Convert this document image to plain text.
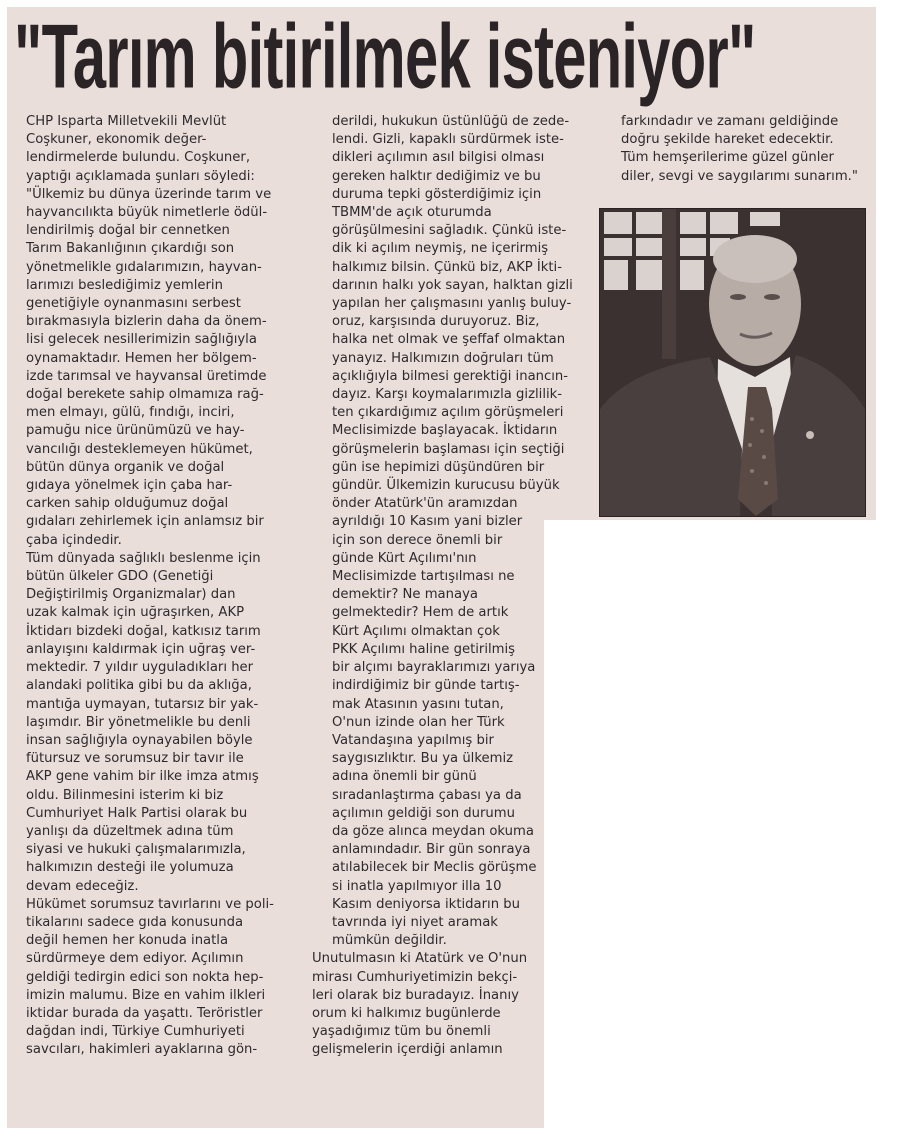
"Tarım bitirilmek isteniyor"

CHP Isparta Milletvekili Mevlüt
Coşkuner, ekonomik değer-
lendirmelerde bulundu. Coşkuner,
yaptığı açıklamada şunları söyledi:

"Ülkemiz bu dünya üzerinde tarım ve
hayvancılıkta büyük nimetlerle ödül-
lendirilmiş doğal bir cennetken
Tarım Bakanlığının çıkardığı son
yönetmelikle gıdalarımızın, hayvan-
larımızı beslediğimiz yemlerin
genetiğiyle oynanmasını serbest
bırakmasıyla bizlerin daha da önem-
lisi gelecek nesillerimizin sağlığıyla
oynamaktadır. Hemen her bölgem-
izde tarımsal ve hayvansal üretimde
doğal berekete sahip olmamıza rağ-
men elmayı, gülü, fındığı, inciri,
pamuğu nice ürünümüzü ve hay-
vancılığı desteklemeyen hükümet,
bütün dünya organik ve doğal
gıdaya yönelmek için çaba har-
carken sahip olduğumuz doğal
gıdaları zehirlemek için anlamsız bir
çaba içindedir.

Tüm dünyada sağlıklı beslenme için
bütün ülkeler GDO (Genetiği
Değiştirilmiş Organizmalar) dan
uzak kalmak için uğraşırken, AKP
İktidarı bizdeki doğal, katkısız tarım
anlayışını kaldırmak için uğraş ver-
mektedir. 7 yıldır uyguladıkları her
alandaki politika gibi bu da aklığa,
mantığa uymayan, tutarsız bir yak-
laşımdır. Bir yönetmelikle bu denli
insan sağlığıyla oynayabilen böyle
fütursuz ve sorumsuz bir tavır ile
AKP gene vahim bir ilke imza atmış
oldu. Bilinmesini isterim ki biz
Cumhuriyet Halk Partisi olarak bu
yanlışı da düzeltmek adına tüm
siyasi ve hukuki çalışmalarımızla,
halkımızın desteği ile yolumuza
devam edeceğiz.

Hükümet sorumsuz tavırlarını ve poli-
tikalarını sadece gıda konusunda
değil hemen her konuda inatla
sürdürmeye dem ediyor. Açılımın
geldiği tedirgin edici son nokta hep-
imizin malumu. Bize en vahim ilkleri
iktidar burada da yaşattı. Teröristler
dağdan indi, Türkiye Cumhuriyeti
savcıları, hakimleri ayaklarına gön-

derildi, hukukun üstünlüğü de zede-
lendi. Gizli, kapaklı sürdürmek iste-
dikleri açılımın asıl bilgisi olması
gereken halktır dediğimiz ve bu
duruma tepki gösterdiğimiz için
TBMM'de açık oturumda
görüşülmesini sağladık. Çünkü iste-
dik ki açılım neymiş, ne içerirmiş
halkımız bilsin. Çünkü biz, AKP İkti-
darının halkı yok sayan, halktan gizli
yapılan her çalışmasını yanlış buluy-
oruz, karşısında duruyoruz. Biz,
halka net olmak ve şeffaf olmaktan
yanayız. Halkımızın doğruları tüm
açıklığıyla bilmesi gerektiği inancın-
dayız. Karşı koymalarımızla gizlilik-
ten çıkardığımız açılım görüşmeleri
Meclisimizde başlayacak. İktidarın
görüşmelerin başlaması için seçtiği
gün ise hepimizi düşündüren bir
gündür. Ülkemizin kurucusu büyük
önder Atatürk'ün aramızdan
ayrıldığı 10 Kasım yani bizler
için son derece önemli bir
günde Kürt Açılımı'nın
Meclisimizde tartışılması ne
demektir? Ne manaya
gelmektedir? Hem de artık
Kürt Açılımı olmaktan çok
PKK Açılımı haline getirilmiş
bir alçımı bayraklarımızı yarıya
indirdiğimiz bir günde tartış-
mak Atasının yasını tutan,
O'nun izinde olan her Türk
Vatandaşına yapılmış bir
saygısızlıktır. Bu ya ülkemiz
adına önemli bir günü
sıradanlaştırma çabası ya da
açılımın geldiği son durumu
da göze alınca meydan okuma
anlamındadır. Bir gün sonraya
atılabilecek bir Meclis görüşme
si inatla yapılmıyor illa 10
Kasım deniyorsa iktidarın bu
tavrında iyi niyet aramak
mümkün değildir.

Unutulmasın ki Atatürk ve O'nun
mirası Cumhuriyetimizin bekçi-
leri olarak biz buradayız. İnanıy
orum ki halkımız bugünlerde
yaşadığımız tüm bu önemli
gelişmelerin içerdiği anlamın

farkındadır ve zamanı geldiğinde
doğru şekilde hareket edecektir.
Tüm hemşerilerime güzel günler
diler, sevgi ve saygılarımı sunarım."
